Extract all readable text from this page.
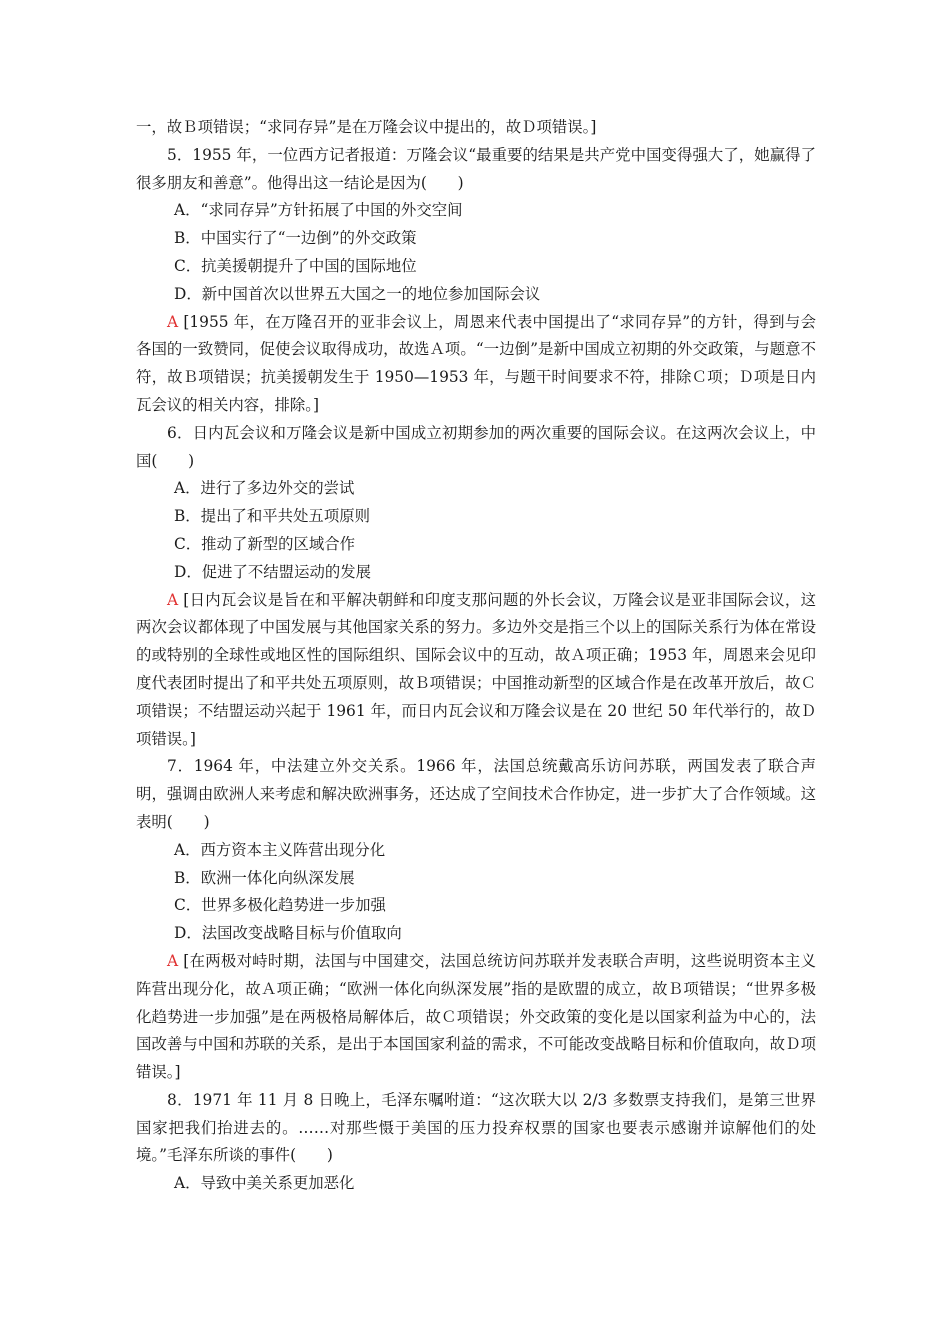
一，故Ｂ项错误；“求同存异”是在万隆会议中提出的，故Ｄ项错误。]

5．1955 年，一位西方记者报道：万隆会议“最重要的结果是共产党中国变得强大了，她赢得了很多朋友和善意”。他得出这一结论是因为(　　)

A．“求同存异”方针拓展了中国的外交空间

B．中国实行了“一边倒”的外交政策

C．抗美援朝提升了中国的国际地位

D．新中国首次以世界五大国之一的地位参加国际会议

A [1955 年，在万隆召开的亚非会议上，周恩来代表中国提出了“求同存异”的方针，得到与会各国的一致赞同，促使会议取得成功，故选Ａ项。“一边倒”是新中国成立初期的外交政策，与题意不符，故Ｂ项错误；抗美援朝发生于 1950—1953 年，与题干时间要求不符，排除Ｃ项；Ｄ项是日内瓦会议的相关内容，排除。]

6．日内瓦会议和万隆会议是新中国成立初期参加的两次重要的国际会议。在这两次会议上，中国(　　)

A．进行了多边外交的尝试

B．提出了和平共处五项原则

C．推动了新型的区域合作

D．促进了不结盟运动的发展

A [日内瓦会议是旨在和平解决朝鲜和印度支那问题的外长会议，万隆会议是亚非国际会议，这两次会议都体现了中国发展与其他国家关系的努力。多边外交是指三个以上的国际关系行为体在常设的或特别的全球性或地区性的国际组织、国际会议中的互动，故Ａ项正确；1953 年，周恩来会见印度代表团时提出了和平共处五项原则，故Ｂ项错误；中国推动新型的区域合作是在改革开放后，故Ｃ项错误；不结盟运动兴起于 1961 年，而日内瓦会议和万隆会议是在 20 世纪 50 年代举行的，故Ｄ项错误。]

7．1964 年，中法建立外交关系。1966 年，法国总统戴高乐访问苏联，两国发表了联合声明，强调由欧洲人来考虑和解决欧洲事务，还达成了空间技术合作协定，进一步扩大了合作领域。这表明(　　)

A．西方资本主义阵营出现分化

B．欧洲一体化向纵深发展

C．世界多极化趋势进一步加强

D．法国改变战略目标与价值取向

A [在两极对峙时期，法国与中国建交，法国总统访问苏联并发表联合声明，这些说明资本主义阵营出现分化，故Ａ项正确；“欧洲一体化向纵深发展”指的是欧盟的成立，故Ｂ项错误；“世界多极化趋势进一步加强”是在两极格局解体后，故Ｃ项错误；外交政策的变化是以国家利益为中心的，法国改善与中国和苏联的关系，是出于本国国家利益的需求，不可能改变战略目标和价值取向，故Ｄ项错误。]

8．1971 年 11 月 8 日晚上，毛泽东嘱咐道：“这次联大以 2/3 多数票支持我们，是第三世界国家把我们抬进去的。……对那些慑于美国的压力投弃权票的国家也要表示感谢并谅解他们的处境。”毛泽东所谈的事件(　　)

A．导致中美关系更加恶化
